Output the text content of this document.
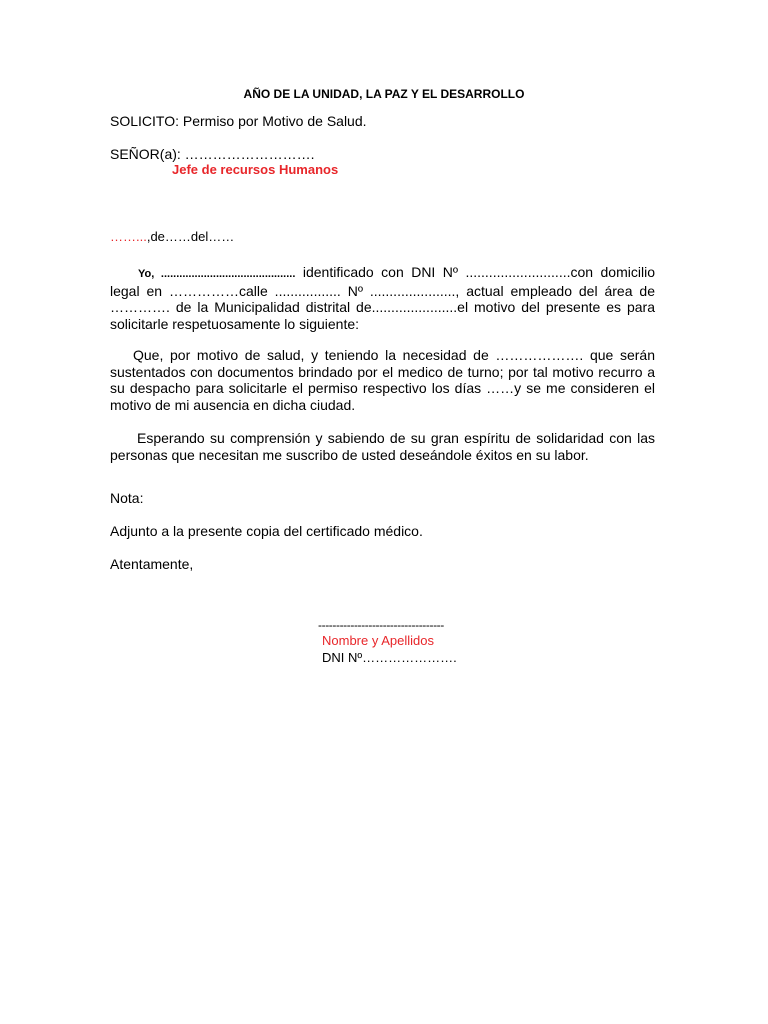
AÑO DE LA UNIDAD, LA PAZ Y EL DESARROLLO
SOLICITO: Permiso por Motivo de Salud.
SEÑOR(a): ……………………….
Jefe de recursos Humanos
……...,de……del……
Yo, ............................................ identificado con DNI Nº ...........................con domicilio legal en ……………calle ................. Nº ......................, actual empleado del área de …………. de la Municipalidad distrital de......................el motivo del presente es para solicitarle respetuosamente lo siguiente:
Que, por motivo de salud, y teniendo la necesidad de ………………. que serán sustentados con documentos brindado por el medico de turno; por tal motivo recurro a su despacho para solicitarle el permiso respectivo los días ……y se me consideren el motivo de mi ausencia en dicha ciudad.
Esperando su comprensión y sabiendo de su gran espíritu de solidaridad con las personas que necesitan me suscribo de usted deseándole éxitos en su labor.
Nota:
Adjunto a la presente copia del certificado médico.
Atentamente,
-----------------------------------
Nombre y Apellidos
DNI Nº………………….
